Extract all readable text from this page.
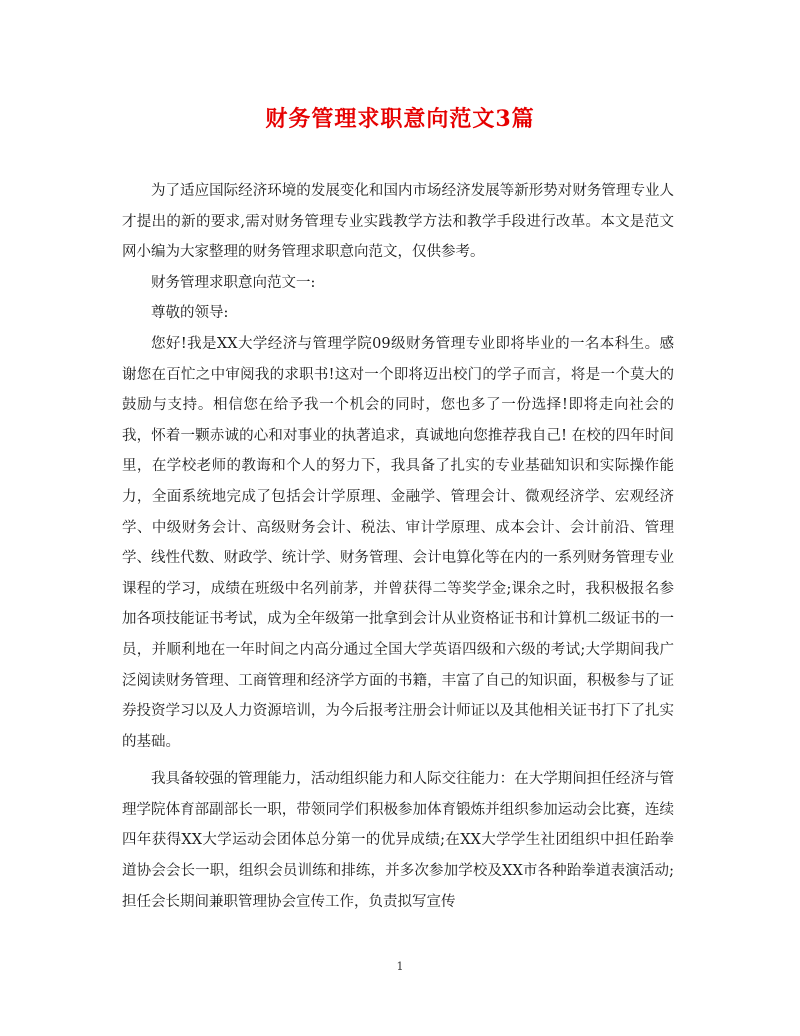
财务管理求职意向范文3篇

为了适应国际经济环境的发展变化和国内市场经济发展等新形势对财务管理专业人才提出的新的要求,需对财务管理专业实践教学方法和教学手段进行改革。本文是范文网小编为大家整理的财务管理求职意向范文，仅供参考。

财务管理求职意向范文一:

尊敬的领导:

您好!我是XX大学经济与管理学院09级财务管理专业即将毕业的一名本科生。感谢您在百忙之中审阅我的求职书!这对一个即将迈出校门的学子而言，将是一个莫大的鼓励与支持。相信您在给予我一个机会的同时，您也多了一份选择!即将走向社会的我，怀着一颗赤诚的心和对事业的执著追求，真诚地向您推荐我自己! 在校的四年时间里，在学校老师的教诲和个人的努力下，我具备了扎实的专业基础知识和实际操作能力，全面系统地完成了包括会计学原理、金融学、管理会计、微观经济学、宏观经济学、中级财务会计、高级财务会计、税法、审计学原理、成本会计、会计前沿、管理学、线性代数、财政学、统计学、财务管理、会计电算化等在内的一系列财务管理专业课程的学习，成绩在班级中名列前茅，并曾获得二等奖学金;课余之时，我积极报名参加各项技能证书考试，成为全年级第一批拿到会计从业资格证书和计算机二级证书的一员，并顺利地在一年时间之内高分通过全国大学英语四级和六级的考试;大学期间我广泛阅读财务管理、工商管理和经济学方面的书籍，丰富了自己的知识面，积极参与了证券投资学习以及人力资源培训，为今后报考注册会计师证以及其他相关证书打下了扎实的基础。

我具备较强的管理能力，活动组织能力和人际交往能力：在大学期间担任经济与管理学院体育部副部长一职，带领同学们积极参加体育锻炼并组织参加运动会比赛，连续四年获得XX大学运动会团体总分第一的优异成绩;在XX大学学生社团组织中担任跆拳道协会会长一职，组织会员训练和排练，并多次参加学校及XX市各种跆拳道表演活动;担任会长期间兼职管理协会宣传工作，负责拟写宣传

1
